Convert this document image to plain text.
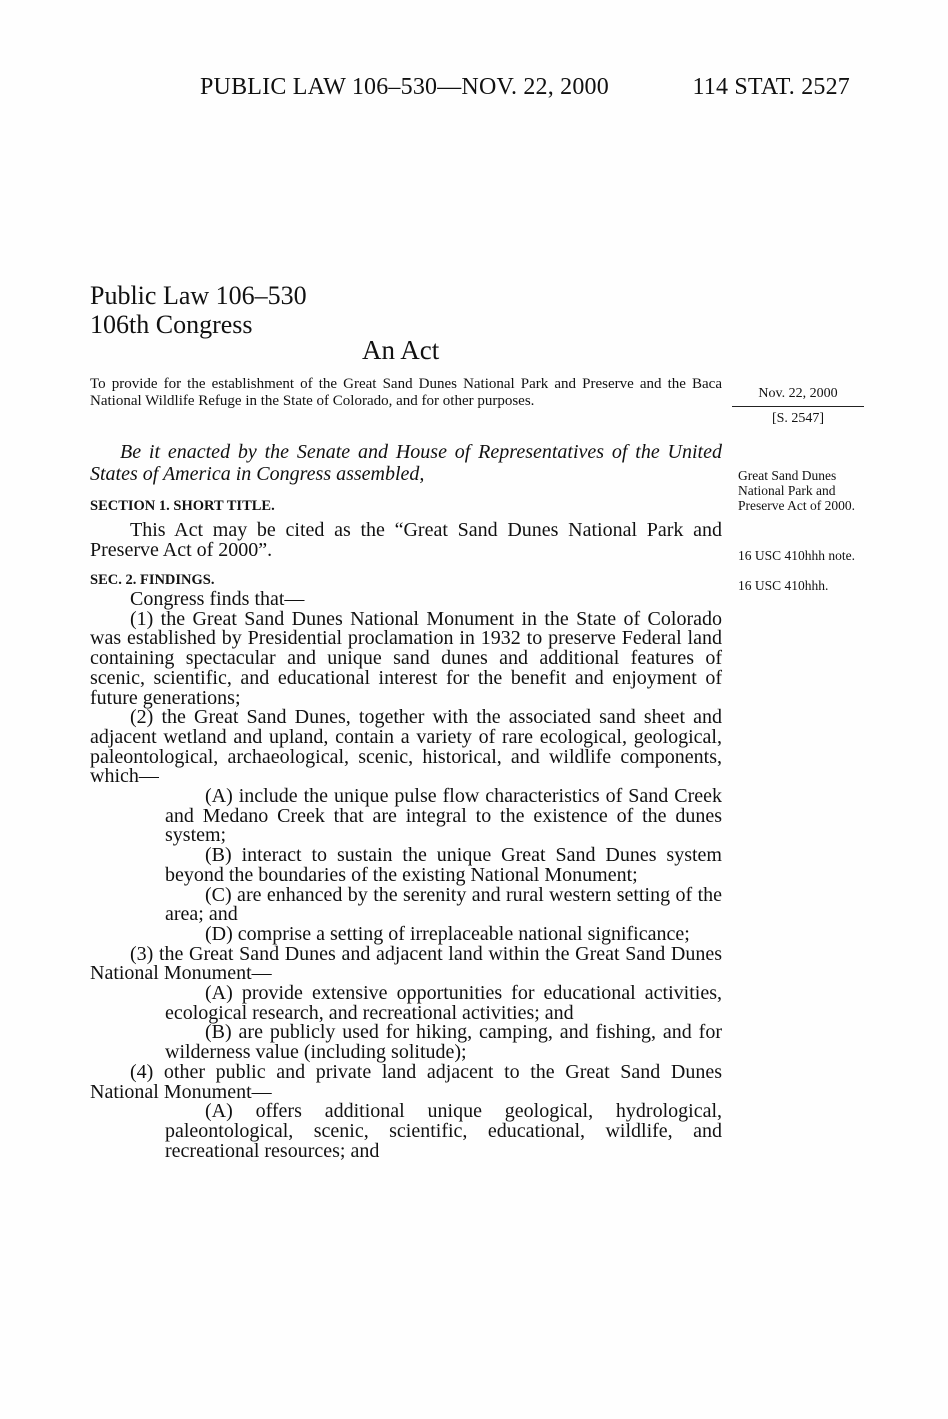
PUBLIC LAW 106–530—NOV. 22, 2000	114 STAT. 2527
Public Law 106–530
106th Congress
An Act
To provide for the establishment of the Great Sand Dunes National Park and Preserve and the Baca National Wildlife Refuge in the State of Colorado, and for other purposes.	Nov. 22, 2000
[S. 2547]
Be it enacted by the Senate and House of Representatives of the United States of America in Congress assembled,
SECTION 1. SHORT TITLE.

This Act may be cited as the “Great Sand Dunes National Park and Preserve Act of 2000”.

SEC. 2. FINDINGS.

Congress finds that—

(1) the Great Sand Dunes National Monument in the State of Colorado was established by Presidential proclamation in 1932 to preserve Federal land containing spectacular and unique sand dunes and additional features of scenic, scientific, and educational interest for the benefit and enjoyment of future generations;

(2) the Great Sand Dunes, together with the associated sand sheet and adjacent wetland and upland, contain a variety of rare ecological, geological, paleontological, archaeological, scenic, historical, and wildlife components, which—

(A) include the unique pulse flow characteristics of Sand Creek and Medano Creek that are integral to the existence of the dunes system;

(B) interact to sustain the unique Great Sand Dunes system beyond the boundaries of the existing National Monument;

(C) are enhanced by the serenity and rural western setting of the area; and

(D) comprise a setting of irreplaceable national significance;

(3) the Great Sand Dunes and adjacent land within the Great Sand Dunes National Monument—

(A) provide extensive opportunities for educational activities, ecological research, and recreational activities; and

(B) are publicly used for hiking, camping, and fishing, and for wilderness value (including solitude);

(4) other public and private land adjacent to the Great Sand Dunes National Monument—

(A) offers additional unique geological, hydrological, paleontological, scenic, scientific, educational, wildlife, and recreational resources; and

Great Sand Dunes National Park and Preserve Act of 2000.
16 USC 410hhh note.
16 USC 410hhh.
